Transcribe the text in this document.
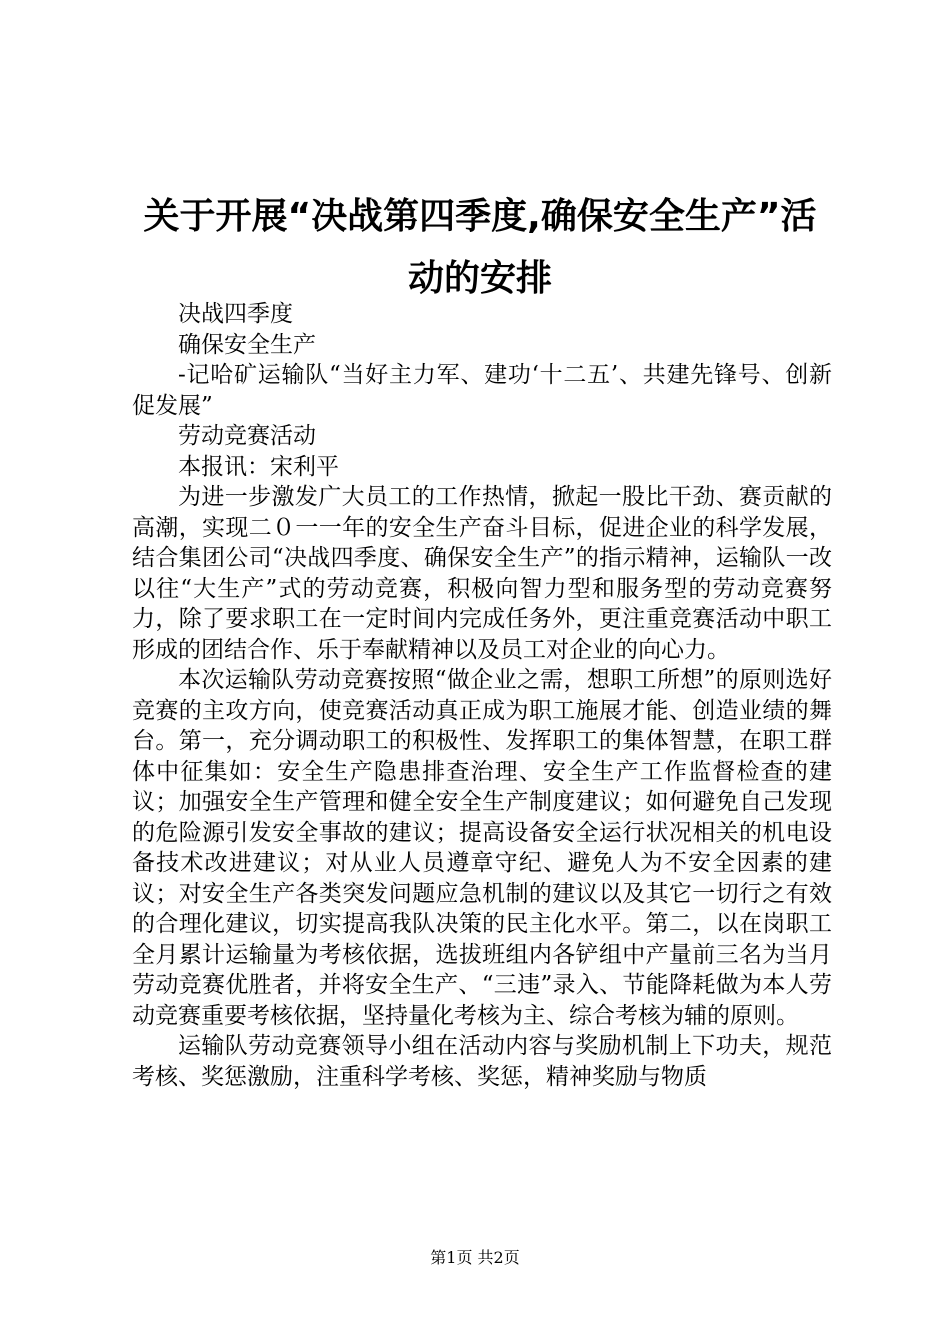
关于开展“决战第四季度,确保安全生产”活
动的安排

决战四季度

确保安全生产

-记哈矿运输队“当好主力军、建功‘十二五’、共建先锋号、创新促发展”

劳动竞赛活动

本报讯：宋利平

为进一步激发广大员工的工作热情，掀起一股比干劲、赛贡献的高潮，实现二０一一年的安全生产奋斗目标，促进企业的科学发展，结合集团公司“决战四季度、确保安全生产”的指示精神，运输队一改以往“大生产”式的劳动竞赛，积极向智力型和服务型的劳动竞赛努力，除了要求职工在一定时间内完成任务外，更注重竞赛活动中职工形成的团结合作、乐于奉献精神以及员工对企业的向心力。

本次运输队劳动竞赛按照“做企业之需，想职工所想”的原则选好竞赛的主攻方向，使竞赛活动真正成为职工施展才能、创造业绩的舞台。第一，充分调动职工的积极性、发挥职工的集体智慧，在职工群体中征集如：安全生产隐患排查治理、安全生产工作监督检查的建议；加强安全生产管理和健全安全生产制度建议；如何避免自己发现的危险源引发安全事故的建议；提高设备安全运行状况相关的机电设备技术改进建议；对从业人员遵章守纪、避免人为不安全因素的建议；对安全生产各类突发问题应急机制的建议以及其它一切行之有效的合理化建议，切实提高我队决策的民主化水平。第二，以在岗职工全月累计运输量为考核依据，选拔班组内各铲组中产量前三名为当月劳动竞赛优胜者，并将安全生产、“三违”录入、节能降耗做为本人劳动竞赛重要考核依据，坚持量化考核为主、综合考核为辅的原则。

运输队劳动竞赛领导小组在活动内容与奖励机制上下功夫，规范考核、奖惩激励，注重科学考核、奖惩，精神奖励与物质

第1页 共2页
